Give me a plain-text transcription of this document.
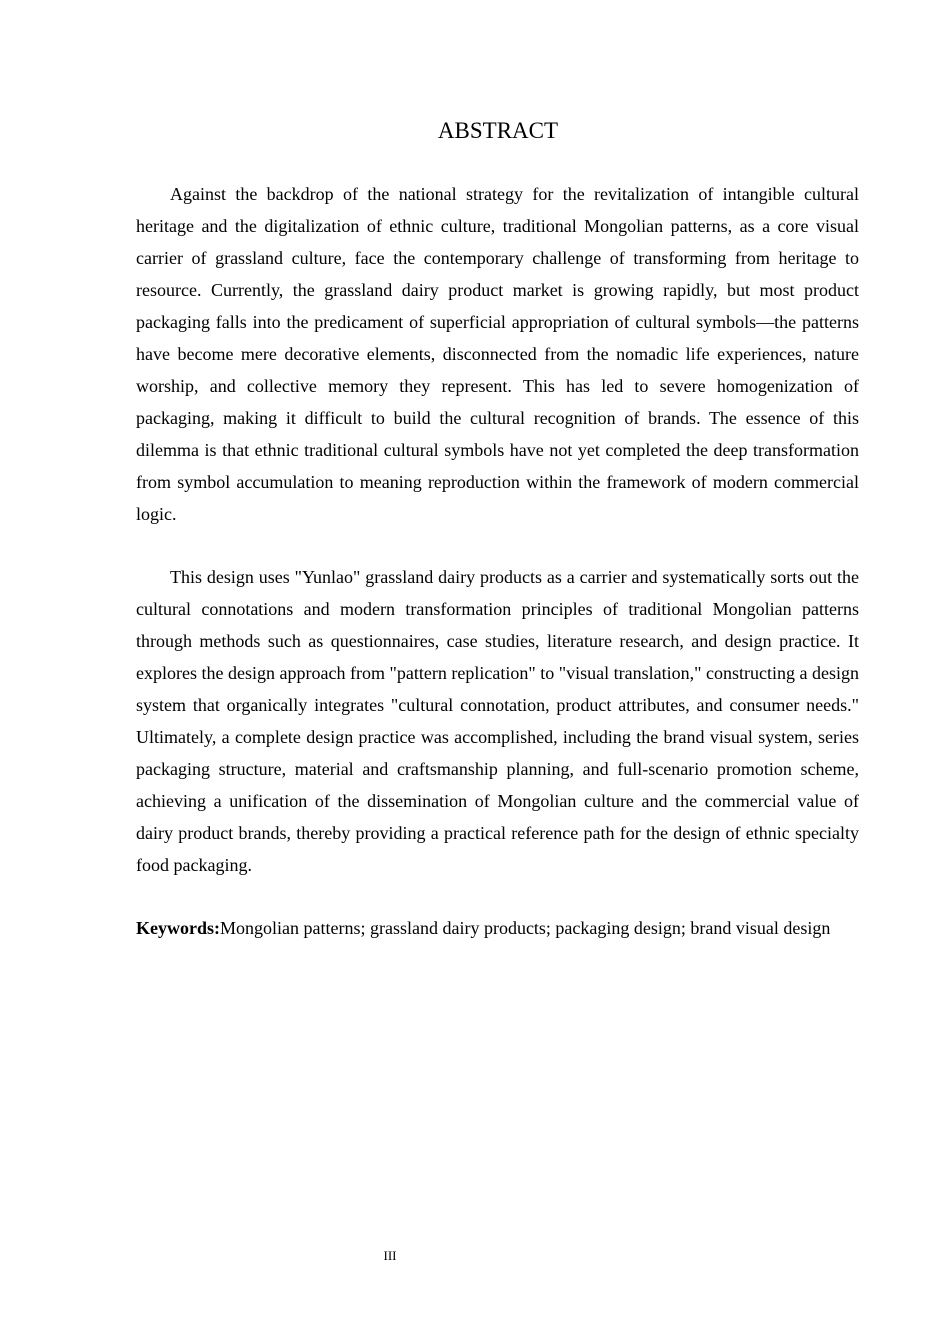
ABSTRACT

Against the backdrop of the national strategy for the revitalization of intangible cultural heritage and the digitalization of ethnic culture, traditional Mongolian patterns, as a core visual carrier of grassland culture, face the contemporary challenge of transforming from heritage to resource. Currently, the grassland dairy product market is growing rapidly, but most product packaging falls into the predicament of superficial appropriation of cultural symbols—the patterns have become mere decorative elements, disconnected from the nomadic life experiences, nature worship, and collective memory they represent. This has led to severe homogenization of packaging, making it difficult to build the cultural recognition of brands. The essence of this dilemma is that ethnic traditional cultural symbols have not yet completed the deep transformation from symbol accumulation to meaning reproduction within the framework of modern commercial logic.

This design uses "Yunlao" grassland dairy products as a carrier and systematically sorts out the cultural connotations and modern transformation principles of traditional Mongolian patterns through methods such as questionnaires, case studies, literature research, and design practice. It explores the design approach from "pattern replication" to "visual translation," constructing a design system that organically integrates "cultural connotation, product attributes, and consumer needs." Ultimately, a complete design practice was accomplished, including the brand visual system, series packaging structure, material and craftsmanship planning, and full-scenario promotion scheme, achieving a unification of the dissemination of Mongolian culture and the commercial value of dairy product brands, thereby providing a practical reference path for the design of ethnic specialty food packaging.

Keywords:Mongolian patterns; grassland dairy products; packaging design; brand visual design

III
